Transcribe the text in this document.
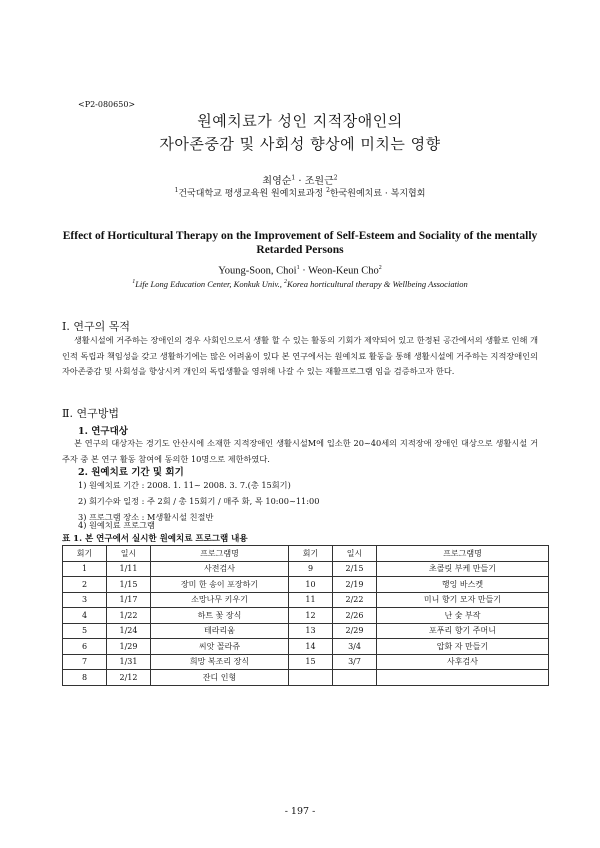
<P2-080650>
원예치료가 성인 지적장애인의
자아존중감 및 사회성 향상에 미치는 영향
최영순$^1$ · 조원근$^2$
$^1$건국대학교 평생교육원 원예치료과정 $^2$한국원예치료 · 복지협회
Effect of Horticultural Therapy on the Improvement of Self-Esteem and Sociality of the mentally Retarded Persons
Young-Soon, Choi$^1$ · Weon-Keun Cho$^2$
$^1$Life Long Education Center, Konkuk Univ., $^2$Korea horticultural therapy & Wellbeing Association
Ⅰ. 연구의 목적
생활시설에 거주하는 장애인의 경우 사회인으로서 생활 할 수 있는 활동의 기회가 제약되어 있고 한정된 공간에서의 생활로 인해 개인적 독립과 책임성을 갖고 생활하기에는 많은 어려움이 있다 본 연구에서는 원예치료 활동을 통해 생활시설에 거주하는 지적장애인의 자아존중감 및 사회성을 향상시켜 개인의 독립생활을 영위해 나갈 수 있는 재활프로그램 임을 검증하고자 한다.
Ⅱ. 연구방법
1. 연구대상
본 연구의 대상자는 경기도 안산시에 소재한 지적장애인 생활시설M에 입소한 20~40세의 지적장애 장애인 대상으로 생활시설 거주자 중 본 연구 활동 참여에 동의한 10명으로 제한하였다.
2. 원예치료 기간 및 회기
1) 원예치료 기간 : 2008. 1. 11~ 2008. 3. 7.(총 15회기)
2) 회기수와 일정 : 주 2회 / 총 15회기 / 매주 화, 목 10:00~11:00
3) 프로그램 장소 : M생활시설 친절반
4) 원예치료 프로그램
표 1. 본 연구에서 실시한 원예치료 프로그램 내용
회기	일시	프로그램명	회기	일시	프로그램명
1	1/11	사전검사	9	2/15	초콜릿 부케 만들기
2	1/15	장미 한 송이 포장하기	10	2/19	행잉 바스켓
3	1/17	소망나무 키우기	11	2/22	미니 향기 모자 만들기
4	1/22	하트 꽃 장식	12	2/26	난 숯 부작
5	1/24	테라리움	13	2/29	포푸리 향기 주머니
6	1/29	씨앗 꼴라쥬	14	3/4	압화 자 만들기
7	1/31	희망 복조리 장식	15	3/7	사후검사
8	2/12	잔디 인형			
- 197 -
